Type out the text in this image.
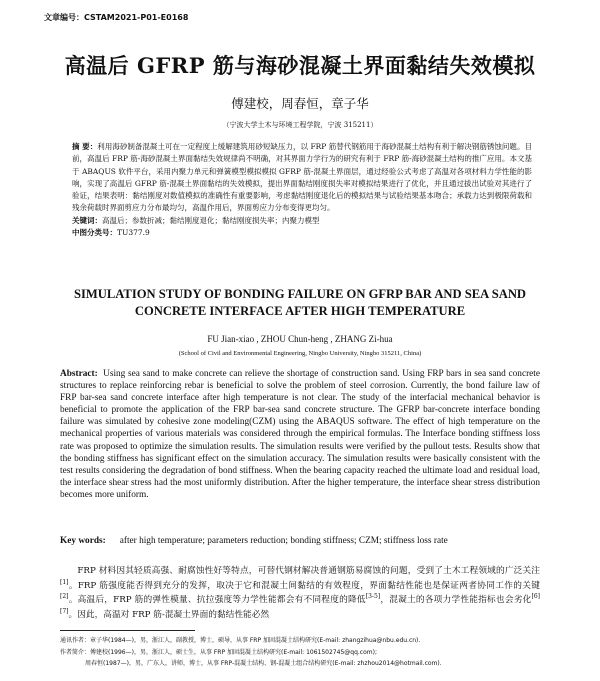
文章编号：CSTAM2021-P01-E0168
高温后 GFRP 筋与海砂混凝土界面黏结失效模拟
傅建校，周春恒，章子华
（宁波大学土木与环境工程学院，宁波 315211）

摘 要：利用海砂制备混凝土可在一定程度上缓解建筑用砂短缺压力，以 FRP 筋替代钢筋用于海砂混凝土结构有利于解决钢筋锈蚀问题。目前，高温后 FRP 筋-海砂混凝土界面黏结失效规律尚不明确，对其界面力学行为的研究有利于 FRP 筋-海砂混凝土结构的推广应用。本文基于 ABAQUS 软件平台，采用内聚力单元和弹簧模型模拟模拟 GFRP 筋-混凝土界面层，通过经验公式考虑了高温对各项材料力学性能的影响，实现了高温后 GFRP 筋-混凝土界面黏结的失效模拟，提出界面黏结刚度损失率对模拟结果进行了优化，并且通过拔出试验对其进行了验证，结果表明：黏结刚度对数值模拟的准确性有重要影响，考虑黏结刚度退化后的模拟结果与试验结果基本吻合；承载力达到极限荷载和残余荷载时界面剪应力分布最均匀，高温作用后，界面剪应力分布变得更均匀。

关键词：高温后；参数折减；黏结刚度退化；黏结刚度损失率；内聚力模型

中图分类号：TU377.9

SIMULATION STUDY OF BONDING FAILURE ON GFRP BAR AND SEA SAND CONCRETE INTERFACE AFTER HIGH TEMPERATURE
FU Jian-xiao , ZHOU Chun-heng , ZHANG Zi-hua
(School of Civil and Environmental Engineering, Ningbo University, Ningbo 315211, China)

Abstract: Using sea sand to make concrete can relieve the shortage of construction sand. Using FRP bars in sea sand concrete structures to replace reinforcing rebar is beneficial to solve the problem of steel corrosion. Currently, the bond failure law of FRP bar-sea sand concrete interface after high temperature is not clear. The study of the interfacial mechanical behavior is beneficial to promote the application of the FRP bar-sea sand concrete structure. The GFRP bar-concrete interface bonding failure was simulated by cohesive zone modeling(CZM) using the ABAQUS software. The effect of high temperature on the mechanical properties of various materials was considered through the empirical formulas. The Interface bonding stiffness loss rate was proposed to optimize the simulation results. The simulation results were verified by the pullout tests. Results show that the bonding stiffness has significant effect on the simulation accuracy. The simulation results were basically consistent with the test results considering the degradation of bond stiffness. When the bearing capacity reached the ultimate load and residual load, the interface shear stress had the most uniformly distribution. After the higher temperature, the interface shear stress distribution becomes more uniform.

Key words: after high temperature; parameters reduction; bonding stiffness; CZM; stiffness loss rate

FRP 材料因其轻质高强、耐腐蚀性好等特点，可替代钢材解决普通钢筋易腐蚀的问题，受到了土木工程领域的广泛关注[1]。FRP 筋强度能否得到充分的发挥，取决于它和混凝土间黏结的有效程度，界面黏结性能也是保证两者协同工作的关键[2]。高温后，FRP 筋的弹性模量、抗拉强度等力学性能都会有不同程度的降低[3-5]，混凝土的各项力学性能指标也会劣化[6][7]。因此，高温对 FRP 筋-混凝土界面的黏结性能必然

通讯作者：章子华(1984—)，男，浙江人，副教授，博士，硕导，从事 FRP 加固混凝土结构研究(E-mail: zhangzihua@nbu.edu.cn).
作者简介：傅建校(1996—)，男，浙江人，硕士生，从事 FRP 加固混凝土结构研究(E-mail: 1061502745@qq.com);
周春恒(1987—)，男，广东人，讲师，博士，从事 FRP-混凝土结构、钢-混凝土组合结构研究(E-mail: zhzhou2014@hotmail.com).
